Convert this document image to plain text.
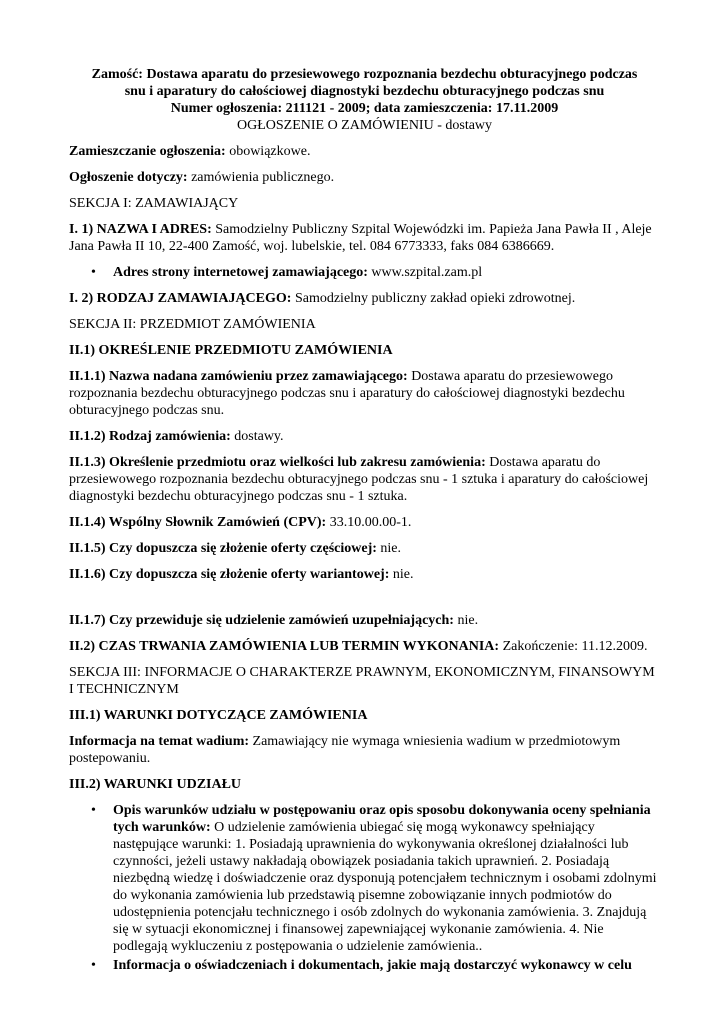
Zamość: Dostawa aparatu do przesiewowego rozpoznania bezdechu obturacyjnego podczas
snu i aparatury do całościowej diagnostyki bezdechu obturacyjnego podczas snu
Numer ogłoszenia: 211121 - 2009; data zamieszczenia: 17.11.2009
OGŁOSZENIE O ZAMÓWIENIU - dostawy

Zamieszczanie ogłoszenia: obowiązkowe.

Ogłoszenie dotyczy: zamówienia publicznego.

SEKCJA I: ZAMAWIAJĄCY

I. 1) NAZWA I ADRES: Samodzielny Publiczny Szpital Wojewódzki im. Papieża Jana Pawła II , Aleje Jana Pawła II 10, 22-400 Zamość, woj. lubelskie, tel. 084 6773333, faks 084 6386669.

• Adres strony internetowej zamawiającego: www.szpital.zam.pl

I. 2) RODZAJ ZAMAWIAJĄCEGO: Samodzielny publiczny zakład opieki zdrowotnej.

SEKCJA II: PRZEDMIOT ZAMÓWIENIA

II.1) OKREŚLENIE PRZEDMIOTU ZAMÓWIENIA

II.1.1) Nazwa nadana zamówieniu przez zamawiającego: Dostawa aparatu do przesiewowego rozpoznania bezdechu obturacyjnego podczas snu i aparatury do całościowej diagnostyki bezdechu obturacyjnego podczas snu.

II.1.2) Rodzaj zamówienia: dostawy.

II.1.3) Określenie przedmiotu oraz wielkości lub zakresu zamówienia: Dostawa aparatu do przesiewowego rozpoznania bezdechu obturacyjnego podczas snu - 1 sztuka i aparatury do całościowej diagnostyki bezdechu obturacyjnego podczas snu - 1 sztuka.

II.1.4) Wspólny Słownik Zamówień (CPV): 33.10.00.00-1.

II.1.5) Czy dopuszcza się złożenie oferty częściowej: nie.

II.1.6) Czy dopuszcza się złożenie oferty wariantowej: nie.

II.1.7) Czy przewiduje się udzielenie zamówień uzupełniających: nie.

II.2) CZAS TRWANIA ZAMÓWIENIA LUB TERMIN WYKONANIA: Zakończenie: 11.12.2009.

SEKCJA III: INFORMACJE O CHARAKTERZE PRAWNYM, EKONOMICZNYM, FINANSOWYM I TECHNICZNYM

III.1) WARUNKI DOTYCZĄCE ZAMÓWIENIA

Informacja na temat wadium: Zamawiający nie wymaga wniesienia wadium w przedmiotowym postepowaniu.

III.2) WARUNKI UDZIAŁU

• Opis warunków udziału w postępowaniu oraz opis sposobu dokonywania oceny spełniania tych warunków: O udzielenie zamówienia ubiegać się mogą wykonawcy spełniający następujące warunki: 1. Posiadają uprawnienia do wykonywania określonej działalności lub czynności, jeżeli ustawy nakładają obowiązek posiadania takich uprawnień. 2. Posiadają niezbędną wiedzę i doświadczenie oraz dysponują potencjałem technicznym i osobami zdolnymi do wykonania zamówienia lub przedstawią pisemne zobowiązanie innych podmiotów do udostępnienia potencjału technicznego i osób zdolnych do wykonania zamówienia. 3. Znajdują się w sytuacji ekonomicznej i finansowej zapewniającej wykonanie zamówienia. 4. Nie podlegają wykluczeniu z postępowania o udzielenie zamówienia..
• Informacja o oświadczeniach i dokumentach, jakie mają dostarczyć wykonawcy w celu
